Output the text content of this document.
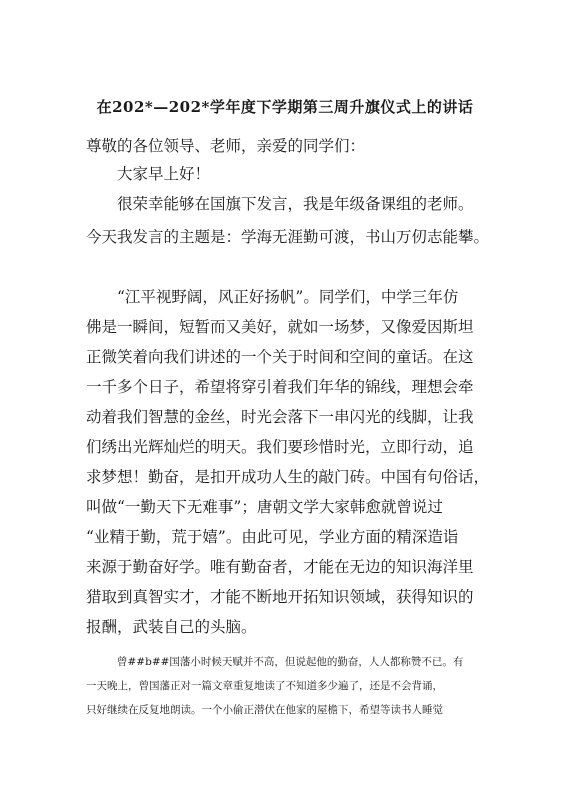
在202*—202*学年度下学期第三周升旗仪式上的讲话
尊敬的各位领导、老师，亲爱的同学们：
大家早上好！
很荣幸能够在国旗下发言，我是年级备课组的老师。
今天我发言的主题是：学海无涯勤可渡，书山万仞志能攀。
“江平视野阔，风正好扬帆”。同学们，中学三年仿
佛是一瞬间，短暂而又美好，就如一场梦，又像爱因斯坦
正微笑着向我们讲述的一个关于时间和空间的童话。在这
一千多个日子，希望将穿引着我们年华的锦线，理想会牵
动着我们智慧的金丝，时光会落下一串闪光的线脚，让我
们绣出光辉灿烂的明天。我们要珍惜时光，立即行动，追
求梦想！勤奋，是扣开成功人生的敲门砖。中国有句俗话，
叫做“一勤天下无难事”；唐朝文学大家韩愈就曾说过
“业精于勤，荒于嬉”。由此可见，学业方面的精深造诣
来源于勤奋好学。唯有勤奋者，才能在无边的知识海洋里
猎取到真智实才，才能不断地开拓知识领域，获得知识的
报酬，武装自己的头脑。
曾##b##国藩小时候天赋并不高，但说起他的勤奋，人人都称赞不已。有
一天晚上，曾国藩正对一篇文章重复地读了不知道多少遍了，还是不会背诵，
只好继续在反复地朗读。一个小偷正潜伏在他家的屋檐下，希望等读书人睡觉
